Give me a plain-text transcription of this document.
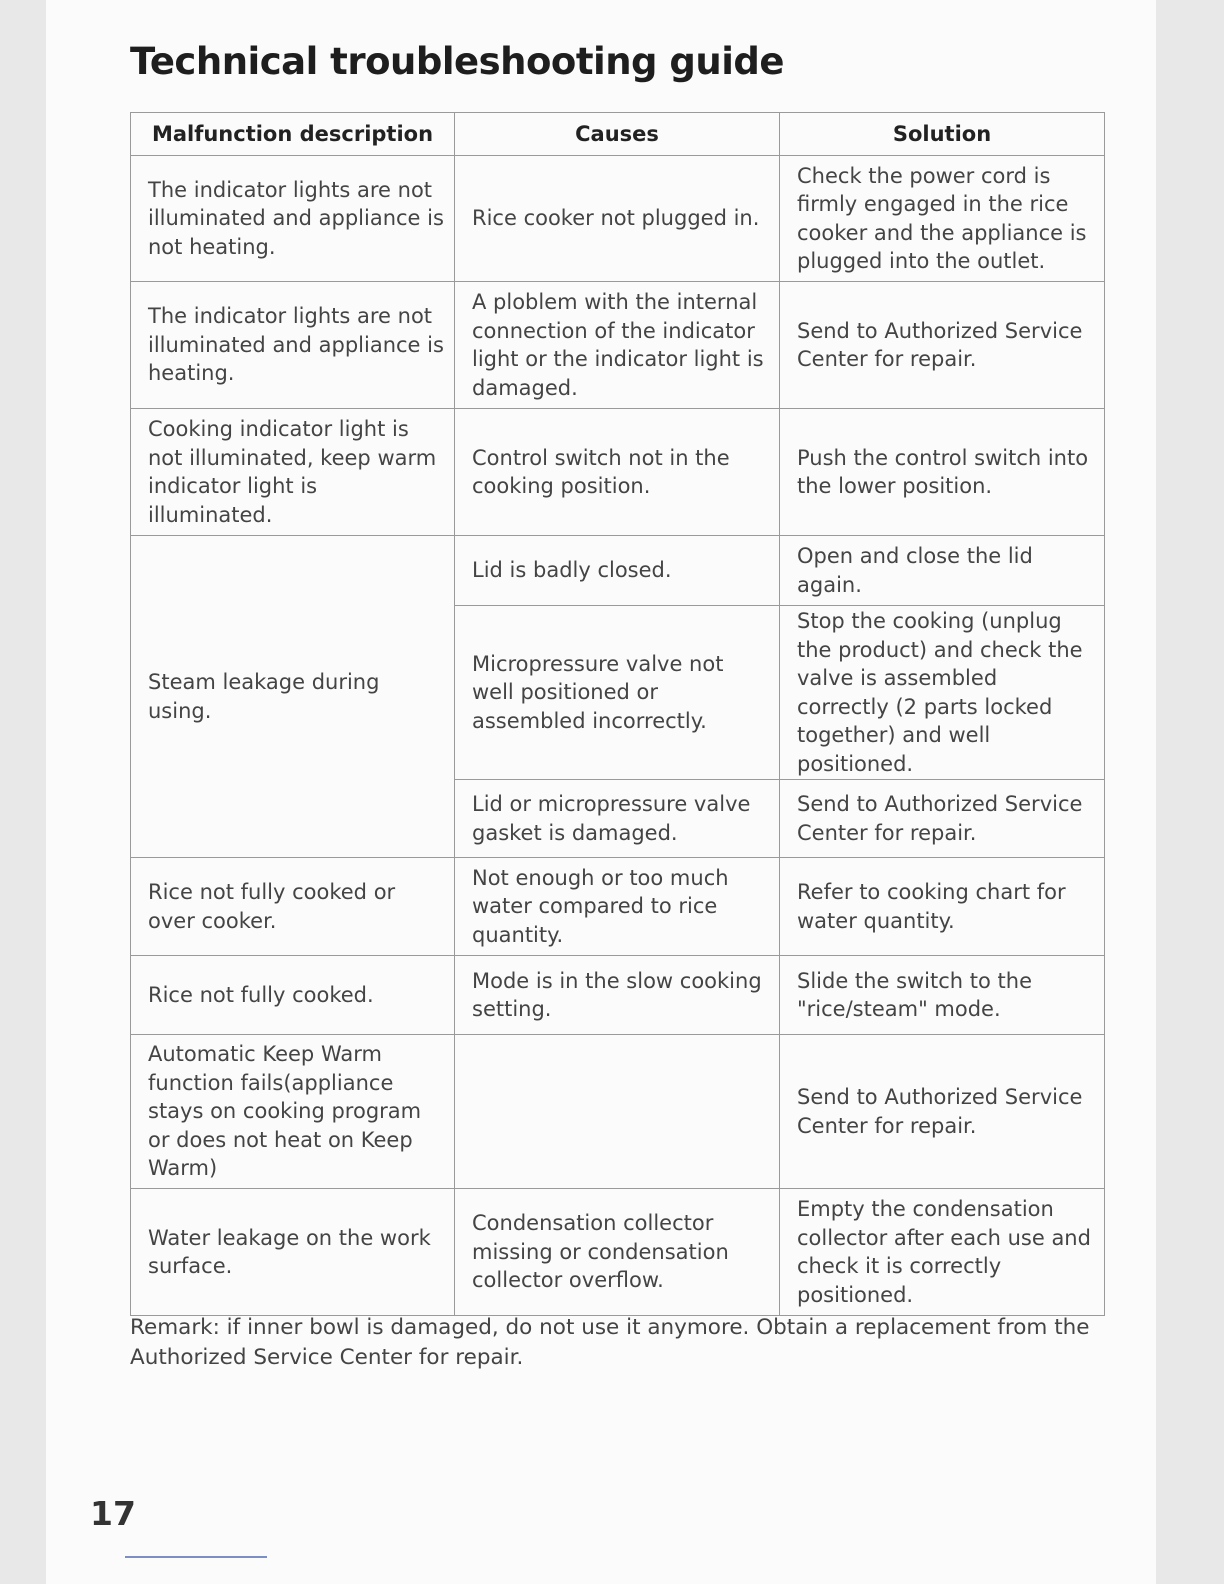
Technical troubleshooting guide
Malfunction description	Causes	Solution
The indicator lights are not illuminated and appliance is not heating.	Rice cooker not plugged in.	Check the power cord is firmly engaged in the rice cooker and the appliance is plugged into the outlet.
The indicator lights are not illuminated and appliance is heating.	A ploblem with the internal connection of the indicator light or the indicator light is damaged.	Send to Authorized Service Center for repair.
Cooking indicator light is not illuminated, keep warm indicator light is illuminated.	Control switch not in the cooking position.	Push the control switch into the lower position.
Steam leakage during using.	Lid is badly closed.	Open and close the lid again.
	Micropressure valve not well positioned or assembled incorrectly.	Stop the cooking (unplug the product) and check the valve is assembled correctly (2 parts locked together) and well positioned.
	Lid or micropressure valve gasket is damaged.	Send to Authorized Service Center for repair.
Rice not fully cooked or over cooker.	Not enough or too much water compared to rice quantity.	Refer to cooking chart for water quantity.
Rice not fully cooked.	Mode is in the slow cooking setting.	Slide the switch to the "rice/steam" mode.
Automatic Keep Warm function fails(appliance stays on cooking program or does not heat on Keep Warm)		Send to Authorized Service Center for repair.
Water leakage on the work surface.	Condensation collector missing or condensation collector overflow.	Empty the condensation collector after each use and check it is correctly positioned.

Remark: if inner bowl is damaged, do not use it anymore. Obtain a replacement from the Authorized Service Center for repair.

17
